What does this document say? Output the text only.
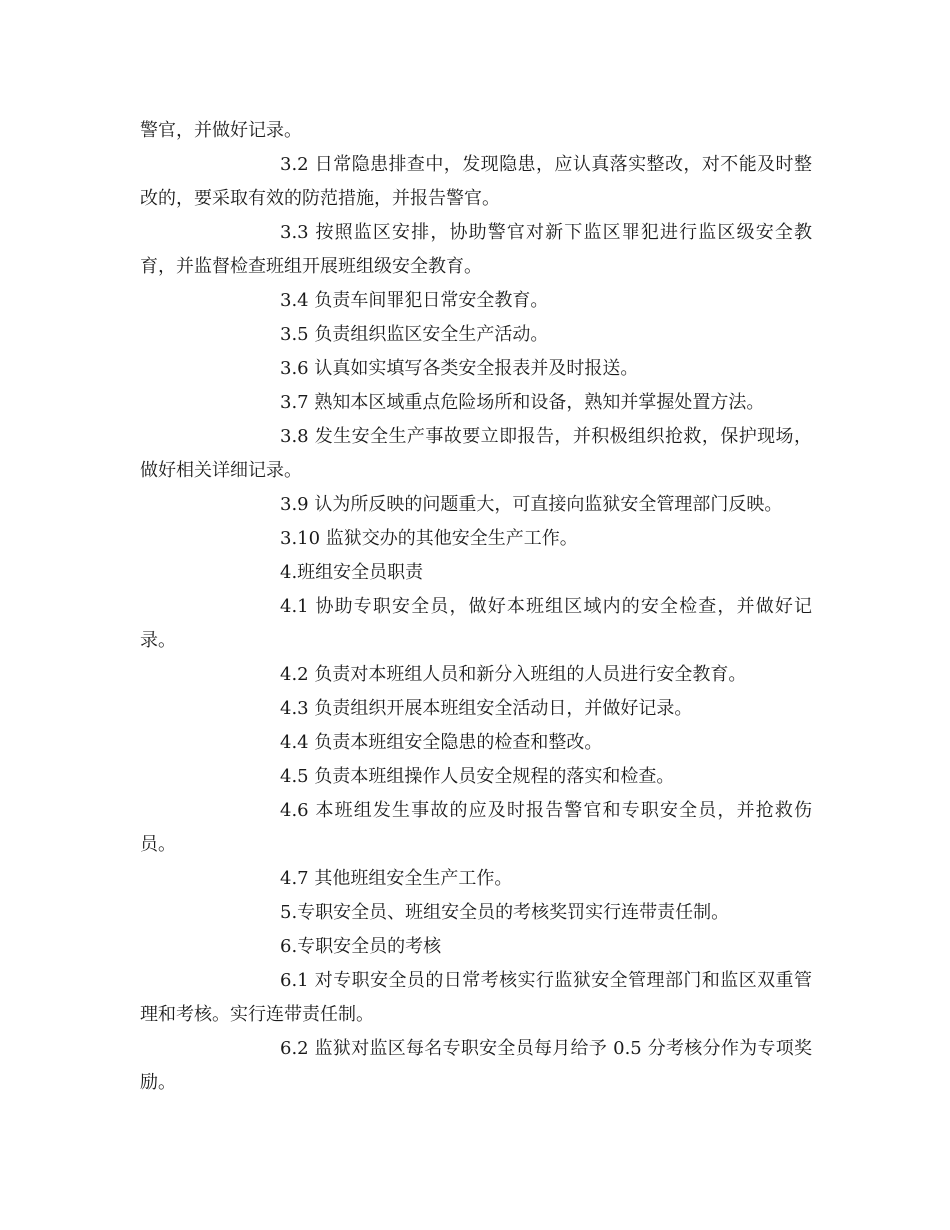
警官，并做好记录。

3.2 日常隐患排查中，发现隐患，应认真落实整改，对不能及时整改的，要采取有效的防范措施，并报告警官。

3.3 按照监区安排，协助警官对新下监区罪犯进行监区级安全教育，并监督检查班组开展班组级安全教育。

3.4 负责车间罪犯日常安全教育。

3.5 负责组织监区安全生产活动。

3.6 认真如实填写各类安全报表并及时报送。

3.7 熟知本区域重点危险场所和设备，熟知并掌握处置方法。

3.8 发生安全生产事故要立即报告，并积极组织抢救，保护现场，做好相关详细记录。

3.9 认为所反映的问题重大，可直接向监狱安全管理部门反映。

3.10 监狱交办的其他安全生产工作。

4.班组安全员职责

4.1 协助专职安全员，做好本班组区域内的安全检查，并做好记录。

4.2 负责对本班组人员和新分入班组的人员进行安全教育。

4.3 负责组织开展本班组安全活动日，并做好记录。

4.4 负责本班组安全隐患的检查和整改。

4.5 负责本班组操作人员安全规程的落实和检查。

4.6 本班组发生事故的应及时报告警官和专职安全员，并抢救伤员。

4.7 其他班组安全生产工作。

5.专职安全员、班组安全员的考核奖罚实行连带责任制。

6.专职安全员的考核

6.1 对专职安全员的日常考核实行监狱安全管理部门和监区双重管理和考核。实行连带责任制。

6.2 监狱对监区每名专职安全员每月给予 0.5 分考核分作为专项奖励。
